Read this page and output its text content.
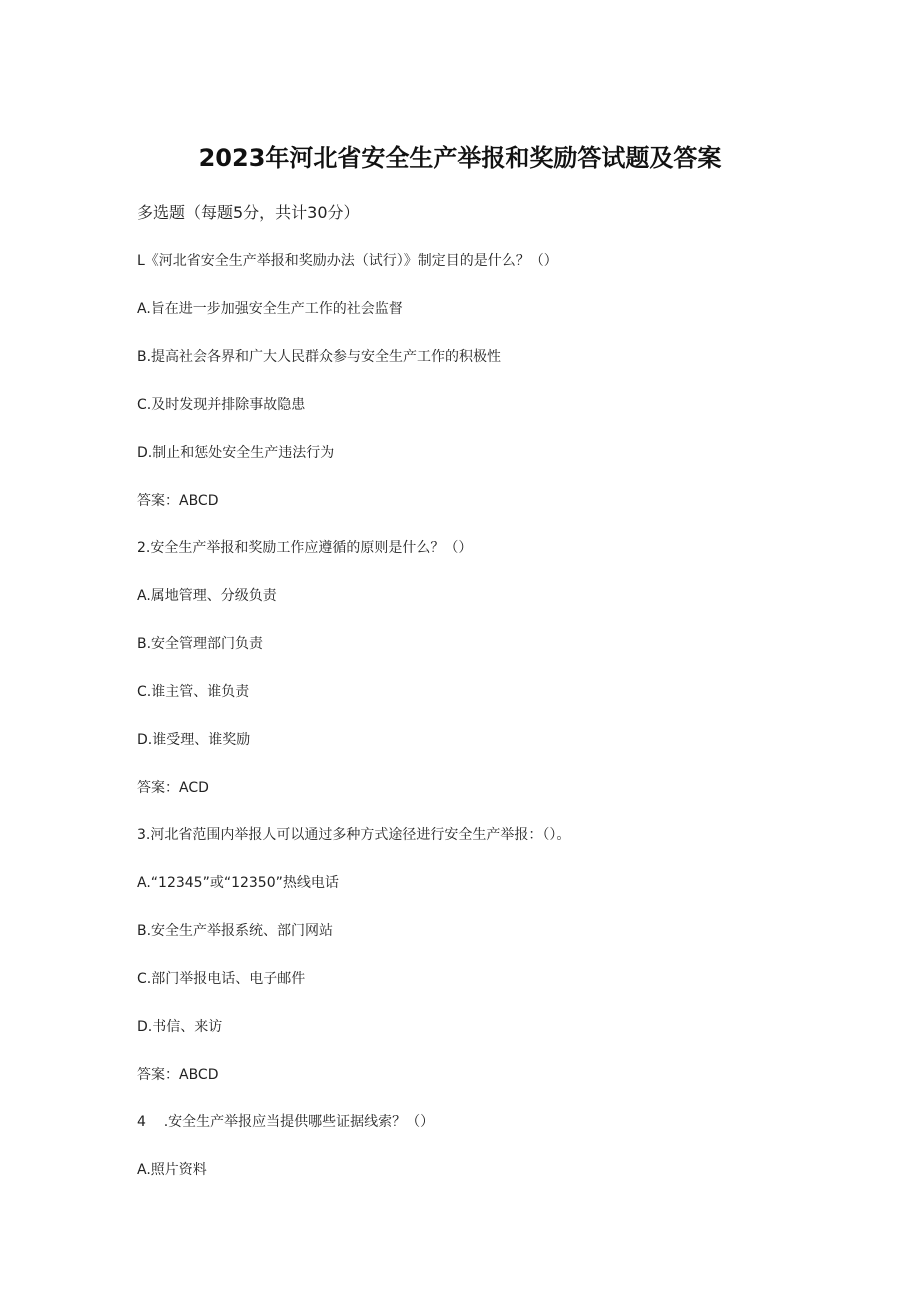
2023年河北省安全生产举报和奖励答试题及答案
多选题（每题5分，共计30分）
L《河北省安全生产举报和奖励办法（试行）》制定目的是什么？（）
A.旨在进一步加强安全生产工作的社会监督
B.提高社会各界和广大人民群众参与安全生产工作的积极性
C.及时发现并排除事故隐患
D.制止和惩处安全生产违法行为
答案：ABCD
2.安全生产举报和奖励工作应遵循的原则是什么？（）
A.属地管理、分级负责
B.安全管理部门负责
C.谁主管、谁负责
D.谁受理、谁奖励
答案：ACD
3.河北省范围内举报人可以通过多种方式途径进行安全生产举报：（）。
A.“12345”或“12350”热线电话
B.安全生产举报系统、部门网站
C.部门举报电话、电子邮件
D.书信、来访
答案：ABCD
4    .安全生产举报应当提供哪些证据线索？（）
A.照片资料
